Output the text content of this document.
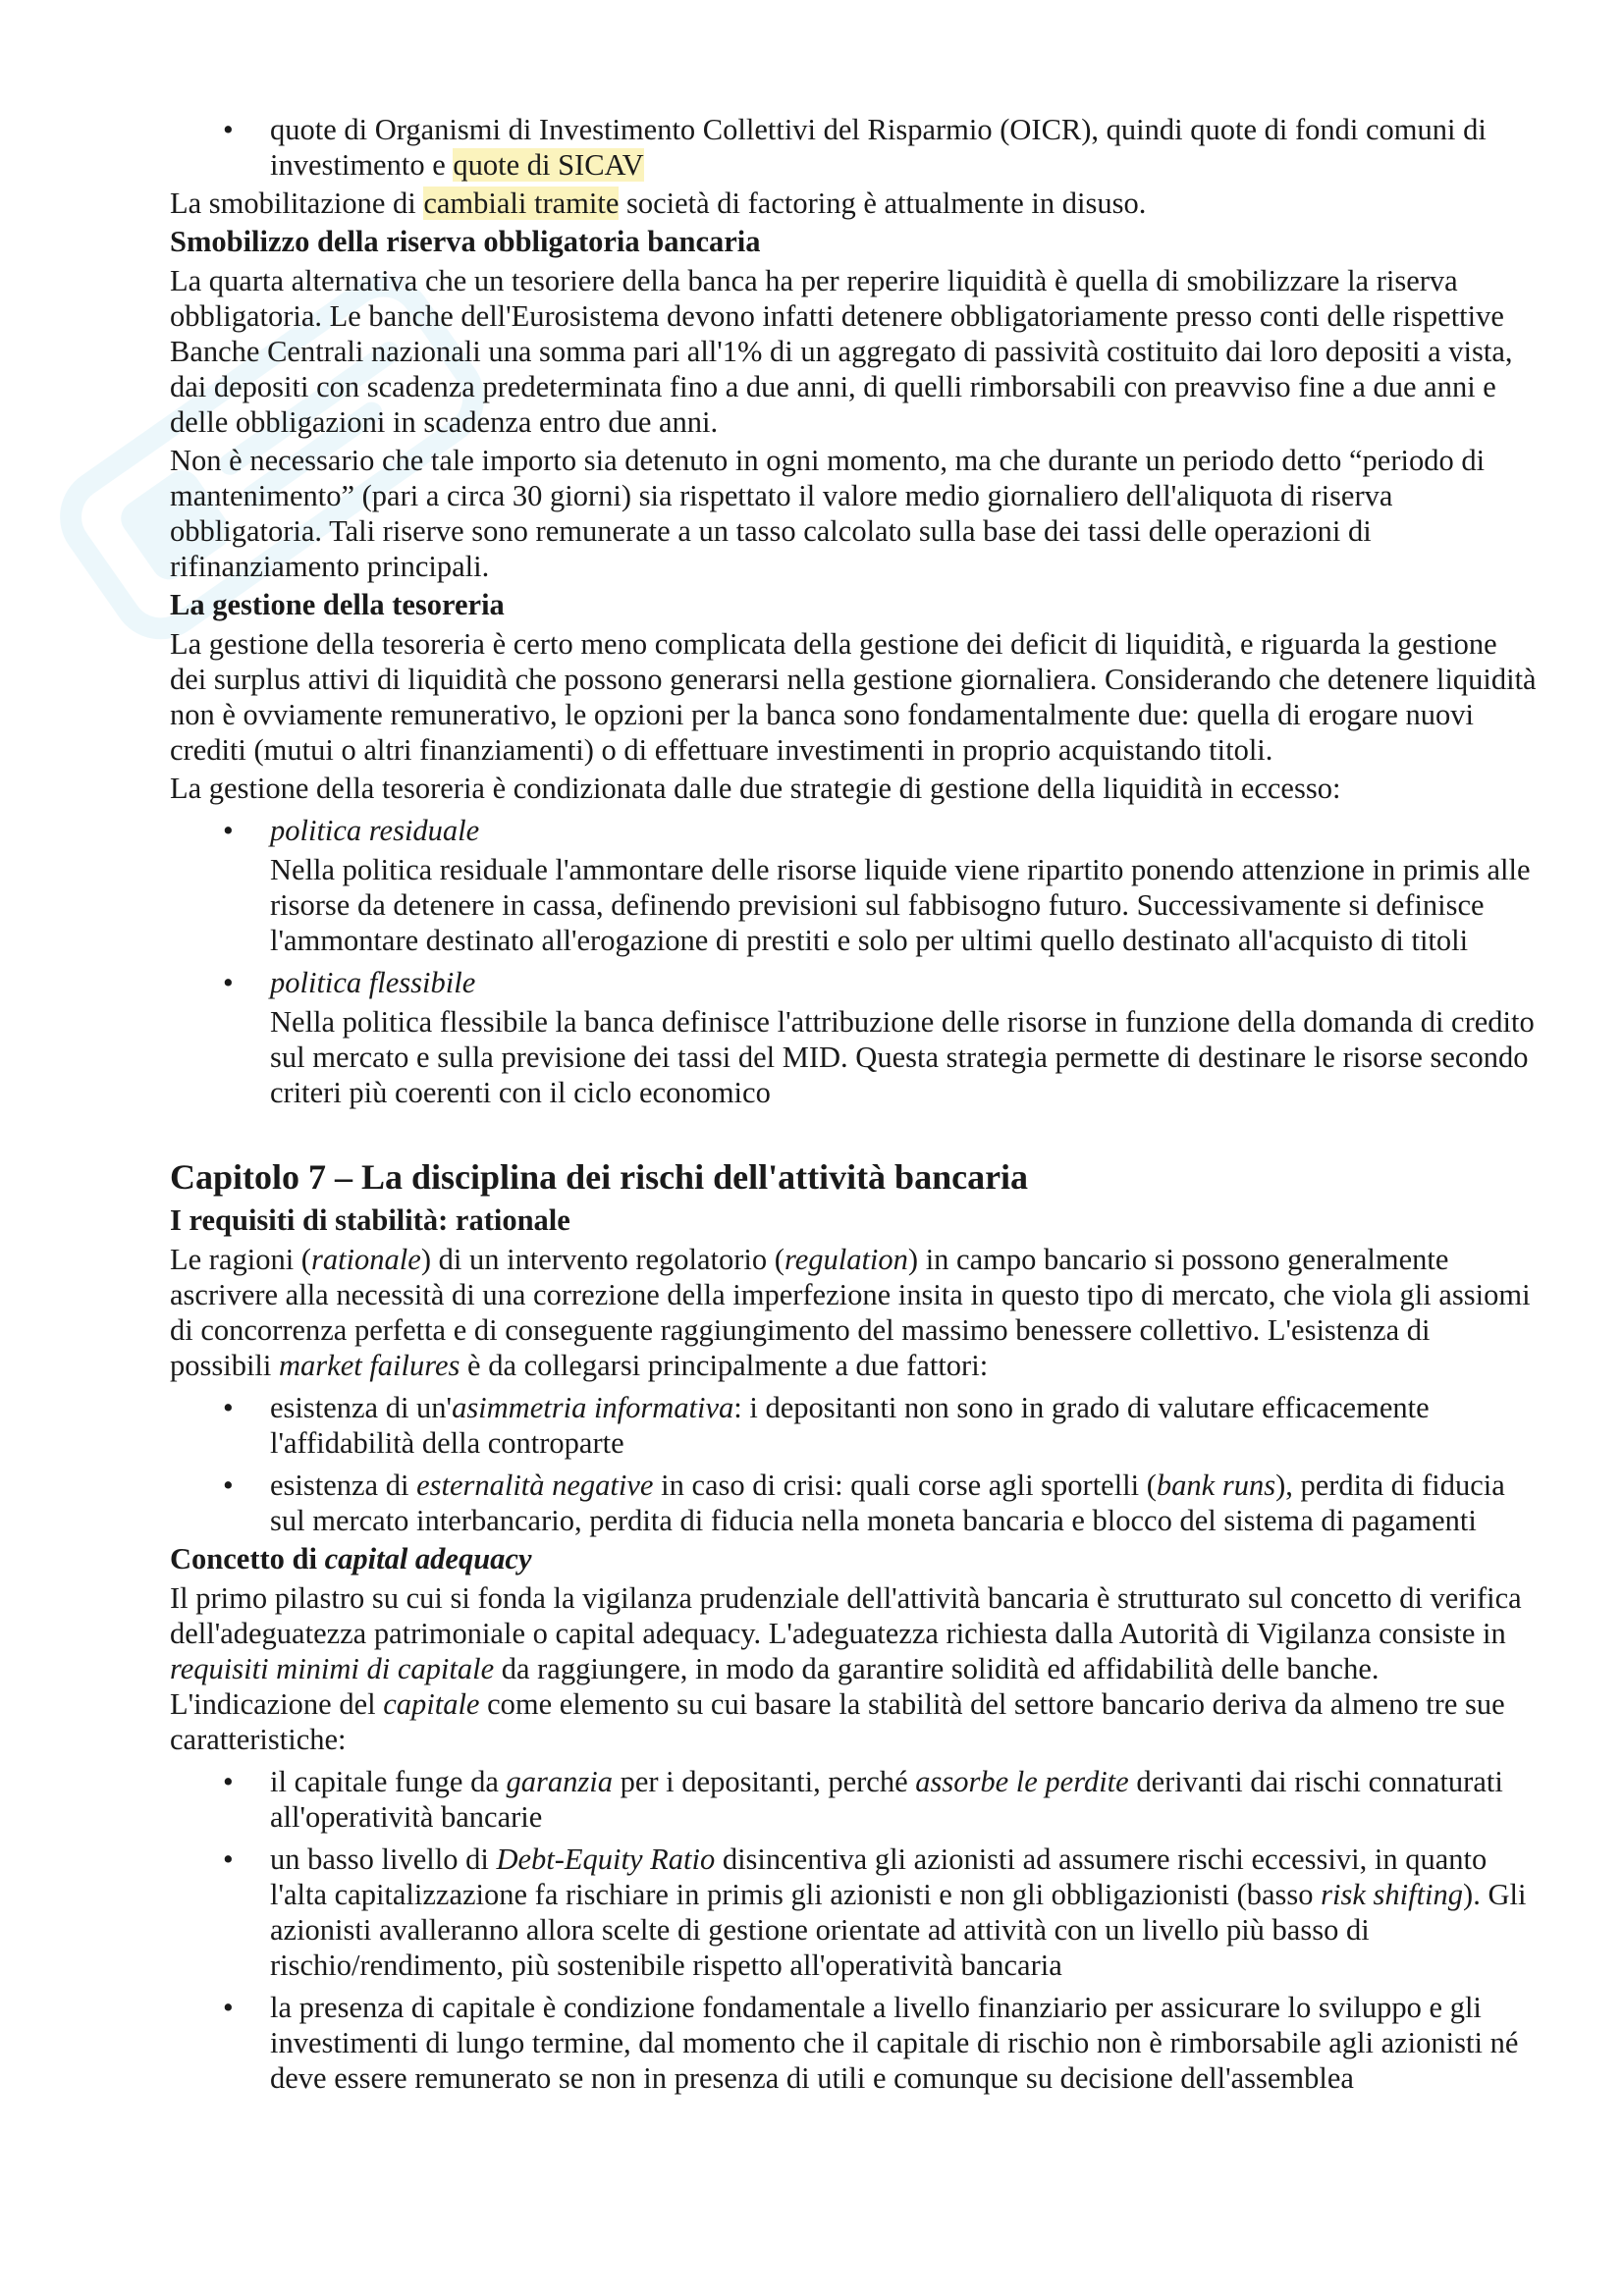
• quote di Organismi di Investimento Collettivi del Risparmio (OICR), quindi quote di fondi comuni di investimento e quote di SICAV

La smobilitazione di cambiali tramite società di factoring è attualmente in disuso.

Smobilizzo della riserva obbligatoria bancaria

La quarta alternativa che un tesoriere della banca ha per reperire liquidità è quella di smobilizzare la riserva obbligatoria. Le banche dell'Eurosistema devono infatti detenere obbligatoriamente presso conti delle rispettive Banche Centrali nazionali una somma pari all'1% di un aggregato di passività costituito dai loro depositi a vista, dai depositi con scadenza predeterminata fino a due anni, di quelli rimborsabili con preavviso fine a due anni e delle obbligazioni in scadenza entro due anni.

Non è necessario che tale importo sia detenuto in ogni momento, ma che durante un periodo detto “periodo di mantenimento” (pari a circa 30 giorni) sia rispettato il valore medio giornaliero dell'aliquota di riserva obbligatoria. Tali riserve sono remunerate a un tasso calcolato sulla base dei tassi delle operazioni di rifinanziamento principali.

La gestione della tesoreria

La gestione della tesoreria è certo meno complicata della gestione dei deficit di liquidità, e riguarda la gestione dei surplus attivi di liquidità che possono generarsi nella gestione giornaliera. Considerando che detenere liquidità non è ovviamente remunerativo, le opzioni per la banca sono fondamentalmente due: quella di erogare nuovi crediti (mutui o altri finanziamenti) o di effettuare investimenti in proprio acquistando titoli.

La gestione della tesoreria è condizionata dalle due strategie di gestione della liquidità in eccesso:

• politica residuale

Nella politica residuale l'ammontare delle risorse liquide viene ripartito ponendo attenzione in primis alle risorse da detenere in cassa, definendo previsioni sul fabbisogno futuro. Successivamente si definisce l'ammontare destinato all'erogazione di prestiti e solo per ultimi quello destinato all'acquisto di titoli

• politica flessibile

Nella politica flessibile la banca definisce l'attribuzione delle risorse in funzione della domanda di credito sul mercato e sulla previsione dei tassi del MID. Questa strategia permette di destinare le risorse secondo criteri più coerenti con il ciclo economico

Capitolo 7 – La disciplina dei rischi dell'attività bancaria
I requisiti di stabilità: rationale

Le ragioni (rationale) di un intervento regolatorio (regulation) in campo bancario si possono generalmente ascrivere alla necessità di una correzione della imperfezione insita in questo tipo di mercato, che viola gli assiomi di concorrenza perfetta e di conseguente raggiungimento del massimo benessere collettivo. L'esistenza di possibili market failures è da collegarsi principalmente a due fattori:

• esistenza di un'asimmetria informativa: i depositanti non sono in grado di valutare efficacemente l'affidabilità della controparte
• esistenza di esternalità negative in caso di crisi: quali corse agli sportelli (bank runs), perdita di fiducia sul mercato interbancario, perdita di fiducia nella moneta bancaria e blocco del sistema di pagamenti
Concetto di capital adequacy

Il primo pilastro su cui si fonda la vigilanza prudenziale dell'attività bancaria è strutturato sul concetto di verifica dell'adeguatezza patrimoniale o capital adequacy. L'adeguatezza richiesta dalla Autorità di Vigilanza consiste in requisiti minimi di capitale da raggiungere, in modo da garantire solidità ed affidabilità delle banche. L'indicazione del capitale come elemento su cui basare la stabilità del settore bancario deriva da almeno tre sue caratteristiche:

• il capitale funge da garanzia per i depositanti, perché assorbe le perdite derivanti dai rischi connaturati all'operatività bancarie
• un basso livello di Debt-Equity Ratio disincentiva gli azionisti ad assumere rischi eccessivi, in quanto l'alta capitalizzazione fa rischiare in primis gli azionisti e non gli obbligazionisti (basso risk shifting). Gli azionisti avalleranno allora scelte di gestione orientate ad attività con un livello più basso di rischio/rendimento, più sostenibile rispetto all'operatività bancaria
• la presenza di capitale è condizione fondamentale a livello finanziario per assicurare lo sviluppo e gli investimenti di lungo termine, dal momento che il capitale di rischio non è rimborsabile agli azionisti né deve essere remunerato se non in presenza di utili e comunque su decisione dell'assemblea
